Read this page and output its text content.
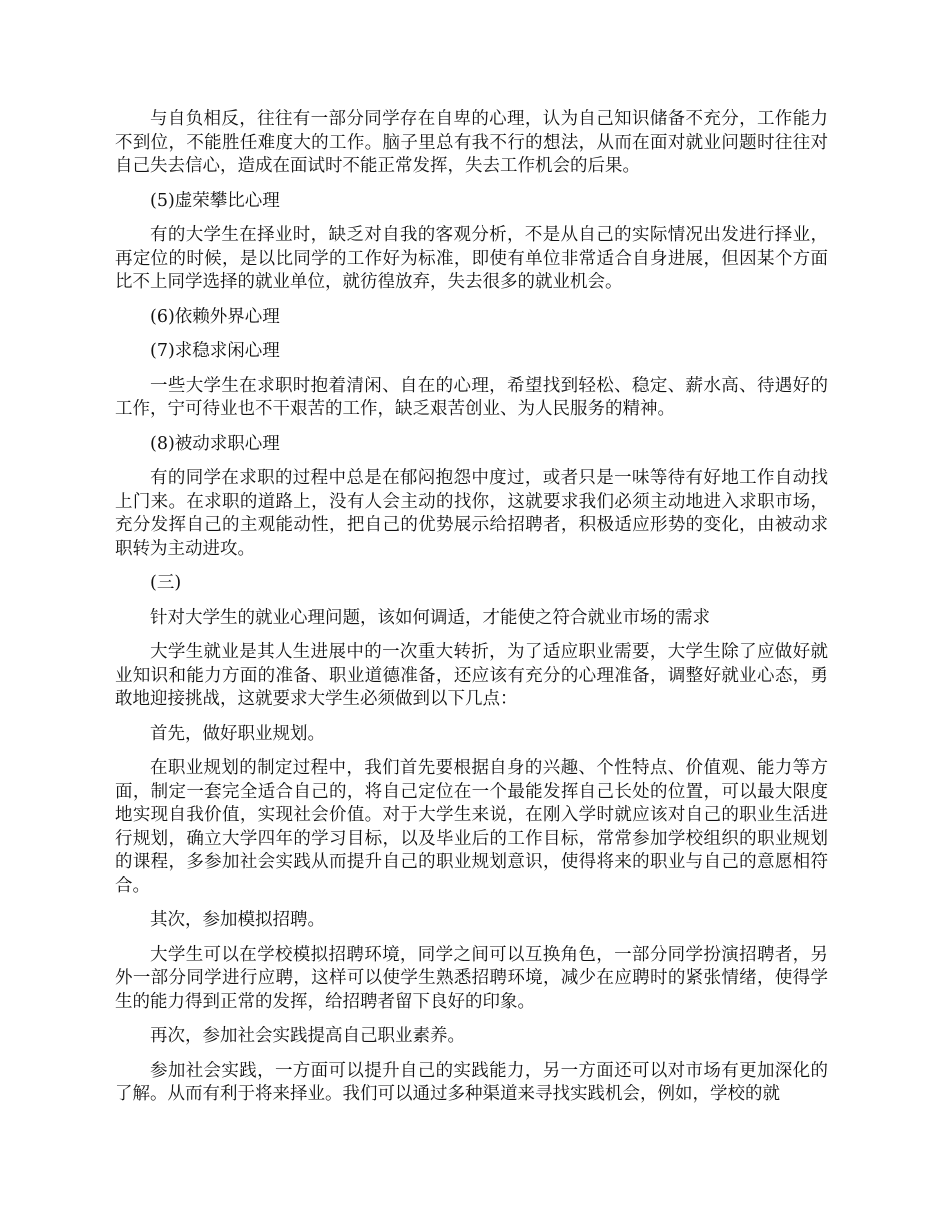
与自负相反，往往有一部分同学存在自卑的心理，认为自己知识储备不充分，工作能力不到位，不能胜任难度大的工作。脑子里总有我不行的想法，从而在面对就业问题时往往对自己失去信心，造成在面试时不能正常发挥，失去工作机会的后果。

(5)虚荣攀比心理

有的大学生在择业时，缺乏对自我的客观分析，不是从自己的实际情况出发进行择业，再定位的时候，是以比同学的工作好为标准，即使有单位非常适合自身进展，但因某个方面比不上同学选择的就业单位，就彷徨放弃，失去很多的就业机会。

(6)依赖外界心理

(7)求稳求闲心理

一些大学生在求职时抱着清闲、自在的心理，希望找到轻松、稳定、薪水高、待遇好的工作，宁可待业也不干艰苦的工作，缺乏艰苦创业、为人民服务的精神。

(8)被动求职心理

有的同学在求职的过程中总是在郁闷抱怨中度过，或者只是一味等待有好地工作自动找上门来。在求职的道路上，没有人会主动的找你，这就要求我们必须主动地进入求职市场，充分发挥自己的主观能动性，把自己的优势展示给招聘者，积极适应形势的变化，由被动求职转为主动进攻。

(三)

针对大学生的就业心理问题，该如何调适，才能使之符合就业市场的需求

大学生就业是其人生进展中的一次重大转折，为了适应职业需要，大学生除了应做好就业知识和能力方面的准备、职业道德准备，还应该有充分的心理准备，调整好就业心态，勇敢地迎接挑战，这就要求大学生必须做到以下几点：

首先，做好职业规划。

在职业规划的制定过程中，我们首先要根据自身的兴趣、个性特点、价值观、能力等方面，制定一套完全适合自己的，将自己定位在一个最能发挥自己长处的位置，可以最大限度地实现自我价值，实现社会价值。对于大学生来说，在刚入学时就应该对自己的职业生活进行规划，确立大学四年的学习目标，以及毕业后的工作目标，常常参加学校组织的职业规划的课程，多参加社会实践从而提升自己的职业规划意识，使得将来的职业与自己的意愿相符合。

其次，参加模拟招聘。

大学生可以在学校模拟招聘环境，同学之间可以互换角色，一部分同学扮演招聘者，另外一部分同学进行应聘，这样可以使学生熟悉招聘环境，减少在应聘时的紧张情绪，使得学生的能力得到正常的发挥，给招聘者留下良好的印象。

再次，参加社会实践提高自己职业素养。

参加社会实践，一方面可以提升自己的实践能力，另一方面还可以对市场有更加深化的了解。从而有利于将来择业。我们可以通过多种渠道来寻找实践机会，例如，学校的就
